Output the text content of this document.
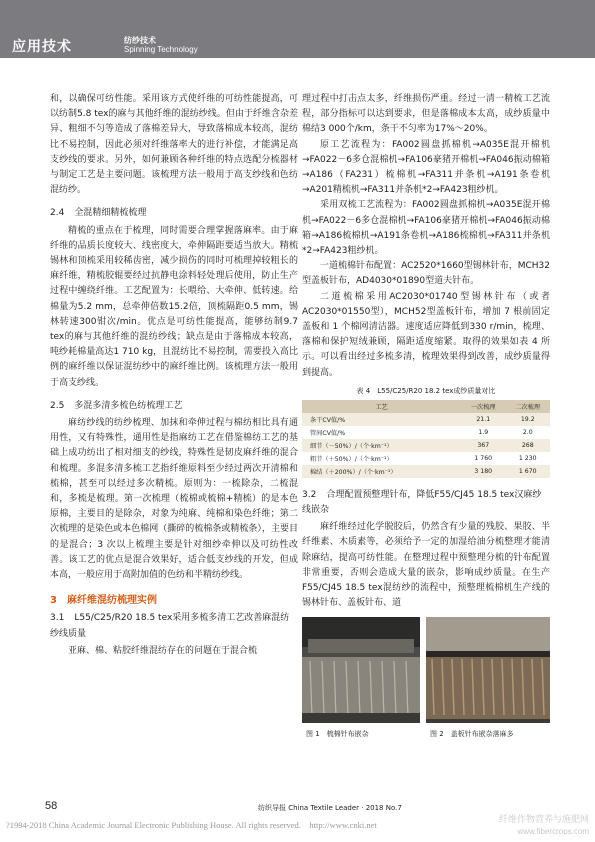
应用技术	纺纱技术
Spinning Technology

和，以确保可纺性能。采用该方式使纤维的可纺性能提高，可以纺制5.8 tex的麻与其他纤维的混纺纱线。但由于纤维含杂差异、粗细不匀等造成了落棉差异大，导致落棉成本较高，混纺比不易控制，因此必须对纤维落率大的进行补偿，才能满足高支纱线的要求。另外，如何兼顾各种纤维的特点选配分梳器材与制定工艺是主要问题。该梳理方法一般用于高支纱线和色纺混纺纱。

2.4 全混精细精梳梳理

精梳的重点在于梳理，同时需要合理掌握落麻率。由于麻纤维的品质长度较大、线密度大，牵伸隔距要适当放大。精梳锡林和顶梳采用较稀齿密，减少损伤的同时可梳理掉较粗长的麻纤维，精梳胶辊要经过抗静电涂料轻处理后使用，防止生产过程中缠绕纤维。工艺配置为：长喂给、大牵伸、低转速。给棉量为5.2 mm，总牵伸倍数15.2倍，顶梳隔距0.5 mm，锡林转速300钳次/min。优点是可纺性能提高，能够纺制9.7 tex的麻与其他纤维的混纺纱线；缺点是由于落棉成本较高，吨纱耗棉量高达1 710 kg，且混纺比不易控制，需要投入高比例的麻纤维以保证混纺纱中的麻纤维比例。该梳理方法一般用于高支纱线。

2.5 多混多清多梳色纺梳理工艺

麻纺纱线的纺纱梳理、加抹和牵伸过程与棉纺相比具有通用性，又有特殊性，通用性是指麻纺工艺在借鉴棉纺工艺的基础上成功纺出了相对细支的纱线，特殊性是韧皮麻纤维的混合和梳理。多混多清多梳工艺指纤维原料至少经过两次开清棉和梳棉，甚至可以经过多次精梳。原则为：一梳除杂，二梳混和，多梳是梳理。第一次梳理（梳棉或梳棉+精梳）的是本色原棉，主要目的是除杂，对象为纯麻、纯棉和染色纤维；第二次梳理的是染色或本色棉网（撕碎的梳棉条或精梳条），主要目的是混合；3 次以上梳理主要是针对细纱牵伸以及可纺性改善。该工艺的优点是混合效果好，适合低支纱线的开发，但成本高，一般应用于高附加值的色纺和半精纺纱线。

3 麻纤维混纺梳理实例
3.1 L55/C25/R20 18.5 tex采用多梳多清工艺改善麻混纺纱线质量

亚麻、棉、粘胶纤维混纺存在的问题在于混合梳

理过程中打击点太多，纤维损伤严重。经过一清一精梳工艺流程，部分指标可以达到要求，但是落棉成本太高，成纱质量中棉结3 000个/km，条干不匀率为17%～20%。

原工艺流程为：FA002圆盘抓棉机→A035E混开棉机→FA022－6多仓混棉机→FA106豪猪开棉机→FA046振动棉箱→A186（FA231）梳棉机→FA311并条机→A191条卷机→A201精梳机→FA311并条机*2→FA423粗纱机。

采用双梳工艺流程为：FA002圆盘抓棉机→A035E混开棉机→FA022－6多仓混棉机→FA106豪猪开棉机→FA046振动棉箱→A186梳棉机→A191条卷机→A186梳棉机→FA311并条机*2→FA423粗纱机。

一道梳棉针布配置：AC2520*1660型锡林针布，MCH32型盖板针布，AD4030*01890型道夫针布。

二道梳棉采用AC2030*01740型锡林针布（或者AC2030*01550型），MCH52型盖板针布，增加 7 根前固定盖板和 1 个棉网清洁器。速度适应降低到330 r/min，梳理、落棉和保护短绒兼顾，隔距适度缩紧。取得的效果如表 4 所示。可以看出经过多梳多清，梳理效果得到改善，成纱质量得到提高。

表 4　L55/C25/R20 18.2 tex成纱质量对比
工艺	一次梳理	二次梳理
条干CV值/%	21.1	19.2
管间CV值/%	1.9	2.0
细节（－50%）/（个·km⁻¹）	367	268
粗节（＋50%）/（个·km⁻¹）	1 760	1 230
棉结（＋200%）/（个·km⁻¹）	3 180	1 670
3.2 合理配置预整理针布，降低F55/CJ45 18.5 tex汉麻纱线嵌杂

麻纤维经过化学脱胶后，仍然含有少量的残胶、果胶、半纤维素、木质素等，必须给予一定的加湿给油分梳整理才能清除麻结，提高可纺性能。在整理过程中预整理分梳的针布配置非常重要，否则会造成大量的嵌杂，影响成纱质量。在生产F55/CJ45 18.5 tex混纺纱的流程中，预整理梳棉机生产线的锡林针布、盖板针布、道

图 1　梳棉针布嵌杂	图 2　盖板针布嵌杂落麻多
58	纺织导报 China Textile Leader · 2018 No.7
?1994-2018 China Academic Journal Electronic Publishing House. All rights reserved.　http://www.cnki.net	纤维作物营养与施肥网
www.fibercrops.com
